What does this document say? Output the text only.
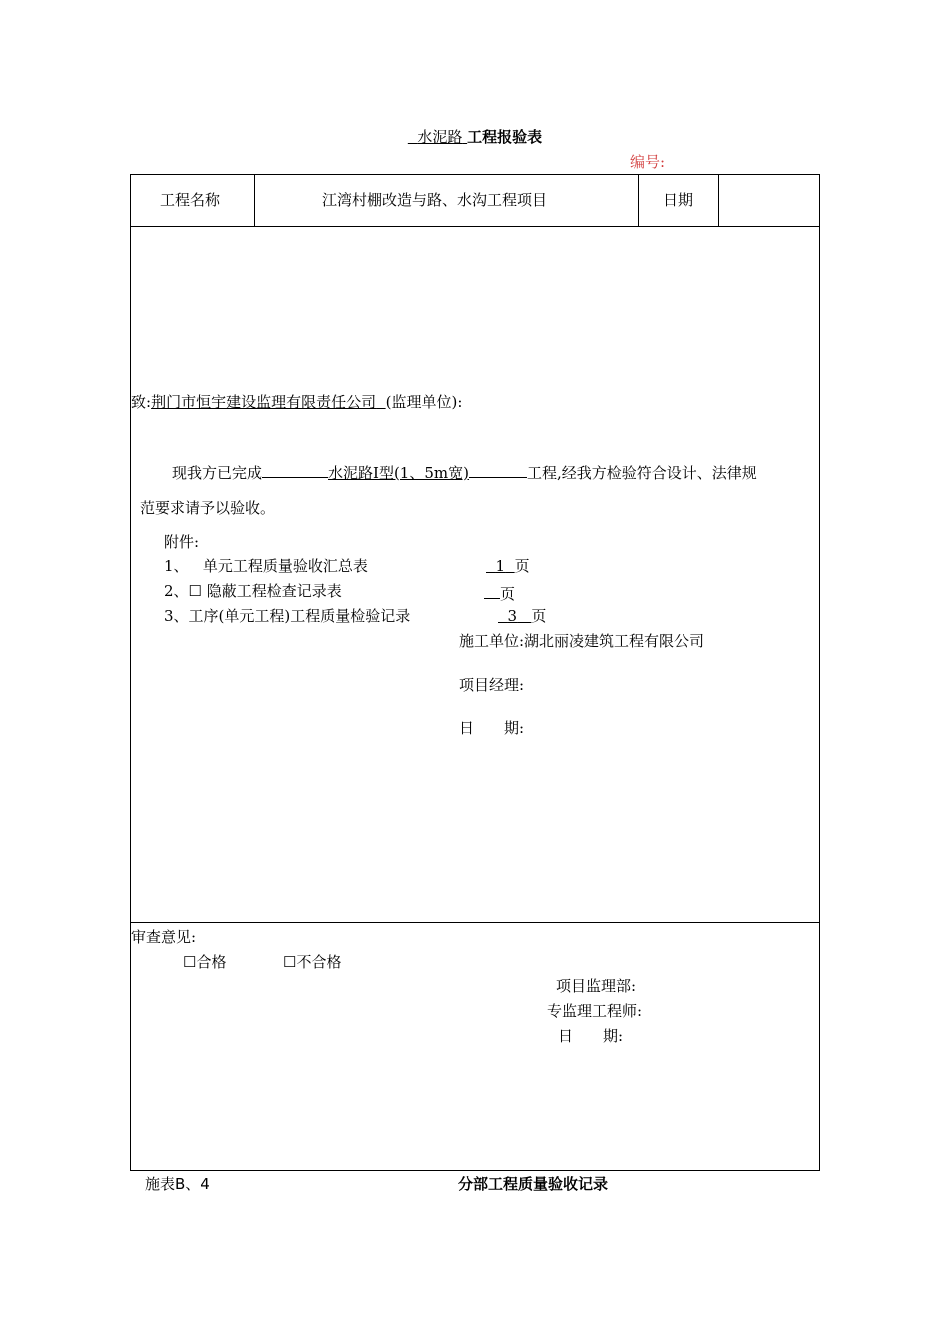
水泥路 工程报验表
编号:
工程名称	江湾村棚改造与路、水沟工程项目	日期
致:荆门市恒宇建设监理有限责任公司 (监理单位):
现我方已完成	水泥路Ⅰ型(1、5m宽)	工程,经我方检验符合设计、法律规
范要求请予以验收。
附件:
1、 单元工程质量验收汇总表	1 页
2、☐ 隐蔽工程检查记录表	页
3、工序(单元工程)工程质量检验记录	3 页
施工单位:湖北丽凌建筑工程有限公司
项目经理:
日　　期:
审查意见:
☐合格	☐不合格
项目监理部:
专监理工程师:
日　　期:
施表B、4	分部工程质量验收记录
